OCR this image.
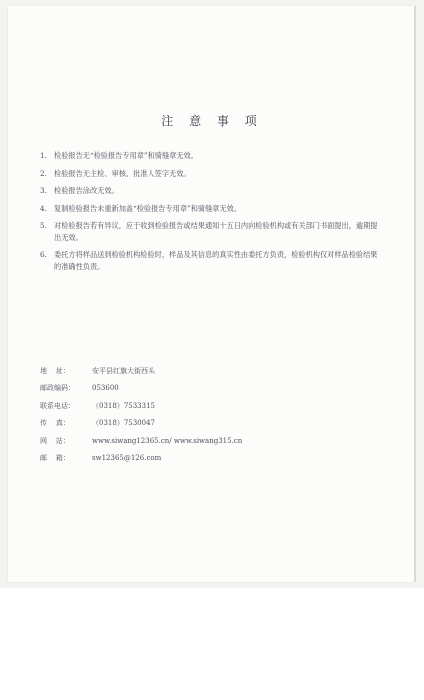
注 意 事 项
1. 检验报告无“检验报告专用章”和骑缝章无效。
2. 检验报告无主检、审核、批准人签字无效。
3. 检验报告涂改无效。
4. 复制检验报告未重新加盖“检验报告专用章”和骑缝章无效。
5. 对检验报告若有异议，应于收到检验报告或结果通知十五日内向检验机构或有关部门书面提出，逾期提出无效。
6. 委托方将样品送到检验机构检验时，样品及其信息的真实性由委托方负责，检验机构仅对样品检验结果的准确性负责。
地    址：	安平县红旗大街西头
邮政编码：	053600
联系电话：	（0318）7533315
传    真：	（0318）7530047
网    站：	www.siwang12365.cn/ www.siwang315.cn
邮    箱：	sw12365@126.com
